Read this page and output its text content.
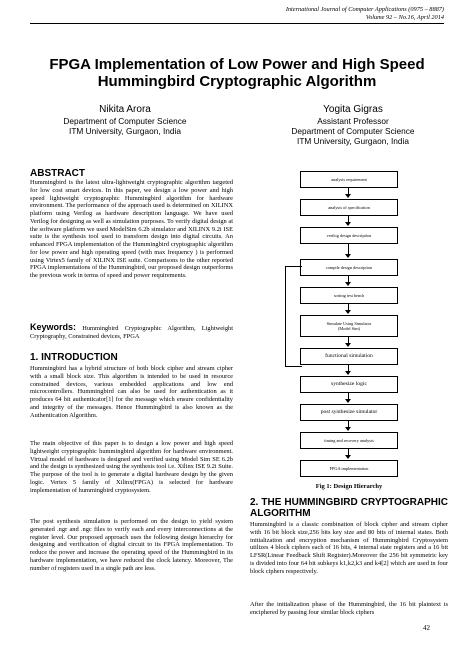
International Journal of Computer Applications (0975 – 8887)
Volume 92 – No.16, April 2014
FPGA Implementation of Low Power and High Speed Hummingbird Cryptographic Algorithm
Nikita Arora
Department of Computer Science
ITM University, Gurgaon, India
Yogita Gigras
Assistant Professor
Department of Computer Science
ITM University, Gurgaon, India
ABSTRACT

Hummingbird is the latest ultra-lightweight cryptographic algorithm targeted for low cost smart devices. In this paper, we design a low power and high speed lightweight cryptographic Hummingbird algorithm for hardware environment. The performance of the approach used is determined on XILINX platform using Verilog as hardware description language. We have used Verilog for designing as well as simulation purposes. To verify digital design at the software platform we used ModelSim 6.2b simulator and XILINX 9.2i ISE suite is the synthesis tool used to transform design into digital circuits. An enhanced FPGA implementation of the Hummingbird cryptographic algorithm for low power and high operating speed (with max frequency ) is performed using Virtex5 family of XILINX ISE suite. Comparisons to the other reported FPGA implementations of the Hummingbird, our proposed design outperforms the previous work in terms of speed and power requirements.

Keywords: Hummingbird Cryptographic Algorithm, Lightweight Cryptography, Constrained devices, FPGA
1. INTRODUCTION

Hummingbird has a hybrid structure of both block cipher and stream cipher with a small block size. This algorithm is intended to be used in resource constrained devices, various embedded applications and low end microcontrollers. Hummingbird can also be used for authentication as it produces 64 bit authenticator[1] for the message which ensure confidentiality and integrity of the messages. Hence Hummingbird is also known as the Authentication Algorithm.

The main objective of this paper is to design a low power and high speed lightweight cryptographic hummingbird algorithm for hardware environment. Virtual model of hardware is designed and verified using Model Sim SE 6.2b and the design is synthesized using the synthesis tool i.e. Xilinx ISE 9.2i Suite. The purpose of the tool is to generate a digital hardware design by the given logic. Vertex 5 family of Xilinx(FPGA) is selected for hardware implementation of hummingbird cryptosystem.
The post synthesis simulation is performed on the design to yield system generated .ngr and .ngc files to verify each and every interconnections at the register level. Our proposed approach uses the following design hierarchy for designing and verification of digital circuit to its FPGA implementation. To reduce the power and increase the operating speed of the Hummingbird in its hardware implementation, we have reduced the clock latency. Moreover, The number of registers used in a single path are less.
analysis requirement
analysis of specification
verilog design description
compile design description
sorting test bench
Simulate Using Simulator
(Model Sim)
functional simulation
synthesize logic
post synthesize simulator
timing and recovery analysis
FPGA implementation
Fig 1: Design Hierarchy
2. THE HUMMINGBIRD CRYPTOGRAPHIC ALGORITHM

Hummingbird is a classic combination of block cipher and stream cipher with 16 bit block size,256 bits key size and 80 bits of internal states. Both initialization and encryption mechanism of Hummingbird Cryptosystem utilizes 4 block ciphers each of 16 bits, 4 internal state registers and a 16 bit LFSR(Linear Feedback Shift Register).Moreover the 256 bit symmetric key is divided into four 64 bit subkeys k1,k2,k3 and k4[2] which are used in four block ciphers respectively.

After the initialization phase of the Hummingbird, the 16 bit plaintext is enciphered by passing four similar block ciphers
42
